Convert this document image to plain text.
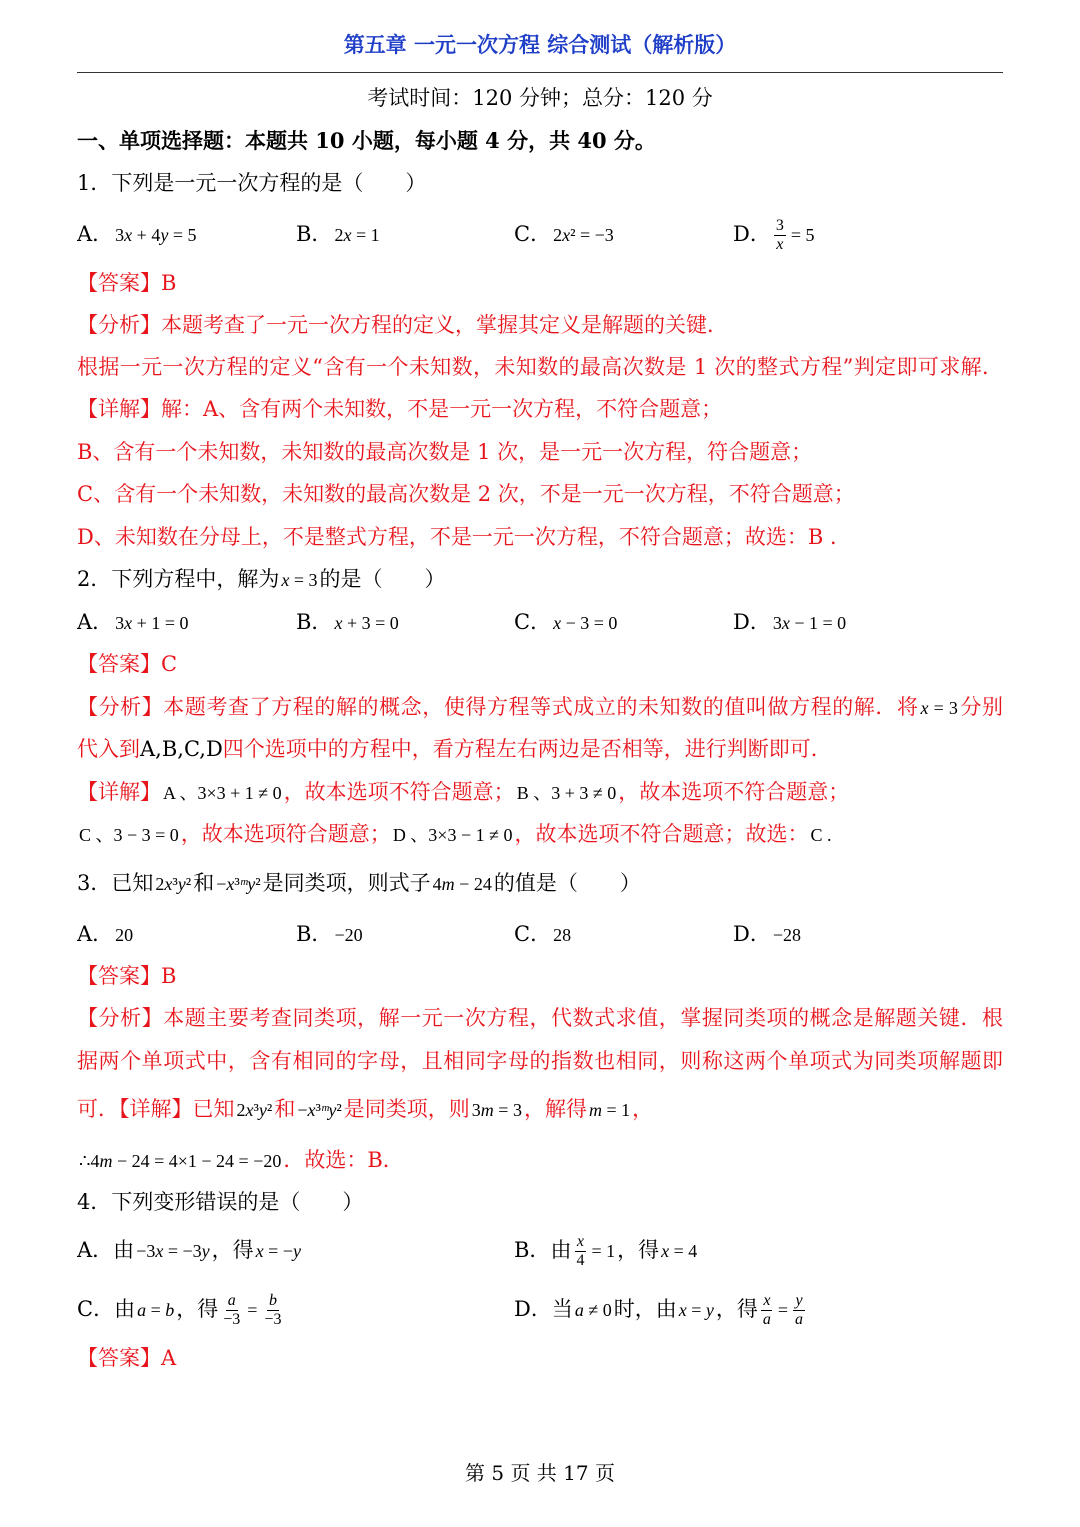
第五章 一元一次方程 综合测试（解析版）
考试时间：120 分钟；总分：120 分
一、单项选择题：本题共 10 小题，每小题 4 分，共 40 分。
1．下列是一元一次方程的是（　　）
A． 3x + 4y = 5	B． 2x = 1	C． 2x² = −3	D． $\frac{3}{x} = 5$
【答案】B
【分析】本题考查了一元一次方程的定义，掌握其定义是解题的关键．
根据一元一次方程的定义“含有一个未知数，未知数的最高次数是 1 次的整式方程”判定即可求解．
【详解】解：A、含有两个未知数，不是一元一次方程，不符合题意；
B、含有一个未知数，未知数的最高次数是 1 次，是一元一次方程，符合题意；
C、含有一个未知数，未知数的最高次数是 2 次，不是一元一次方程，不符合题意；
D、未知数在分母上，不是整式方程，不是一元一次方程，不符合题意；故选：B ．
2．下列方程中，解为 x = 3的是（　　）
A． 3x + 1 = 0	B． x + 3 = 0	C． x − 3 = 0	D． 3x − 1 = 0
【答案】C
【分析】本题考查了方程的解的概念，使得方程等式成立的未知数的值叫做方程的解．将 x = 3分别
代入到A,B,C,D四个选项中的方程中，看方程左右两边是否相等，进行判断即可．
【详解】 A 、3×3 + 1 ≠ 0，故本选项不符合题意； B 、3 + 3 ≠ 0，故本选项不符合题意；
C 、3 − 3 = 0，故本选项符合题意； D 、3×3 − 1 ≠ 0，故本选项不符合题意；故选： C .
3．已知 2x³y²和 −x³ᵐy²是同类项，则式子 4m − 24的值是（　　）
A． 20	B． −20	C． 28	D． −28
【答案】B
【分析】本题主要考查同类项，解一元一次方程，代数式求值，掌握同类项的概念是解题关键．根
据两个单项式中，含有相同的字母，且相同字母的指数也相同，则称这两个单项式为同类项解题即
可．【详解】已知 2x³y²和 −x³ᵐy²是同类项，则 3m = 3，解得 m = 1，
∴4m − 24 = 4×1 − 24 = −20．故选：B．
4．下列变形错误的是（　　）
A．由 −3x = −3y，得 x = −y	B．由 $\frac{x}{4} = 1$，得 x = 4
C．由 a = b，得 $\frac{a}{-3} = \frac{b}{-3}$	D．当 a ≠ 0时，由 x = y，得 $\frac{x}{a} = \frac{y}{a}$
【答案】A
第 5 页 共 17 页
